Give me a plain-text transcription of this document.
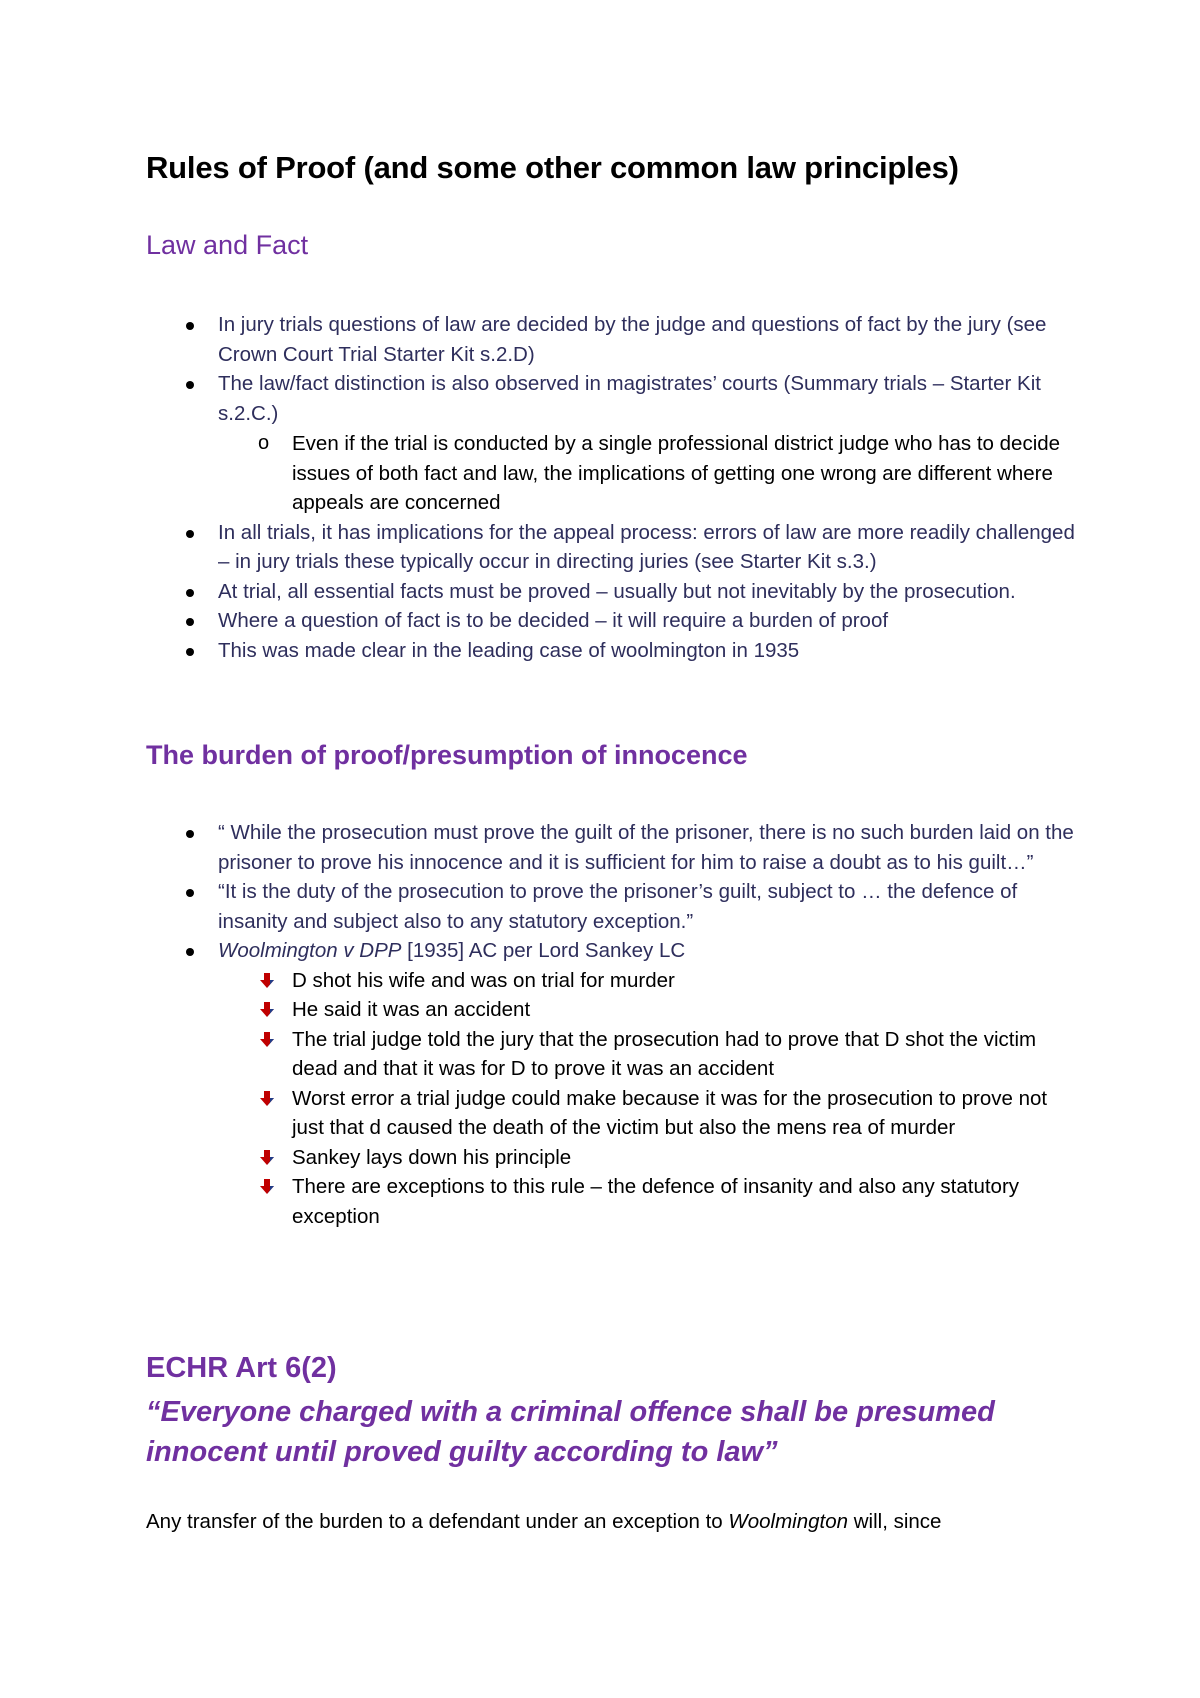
Rules of Proof (and some other common law principles)
Law and Fact
In jury trials questions of law are decided by the judge and questions of fact by the jury (see Crown Court Trial Starter Kit s.2.D)
The law/fact distinction is also observed in magistrates’ courts (Summary trials – Starter Kit s.2.C.)
o Even if the trial is conducted by a single professional district judge who has to decide issues of both fact and law, the implications of getting one wrong are different where appeals are concerned
In all trials, it has implications for the appeal process: errors of law are more readily challenged – in jury trials these typically occur in directing juries (see Starter Kit s.3.)
At trial, all essential facts must be proved – usually but not inevitably by the prosecution.
Where a question of fact is to be decided – it will require a burden of proof
This was made clear in the leading case of woolmington in 1935
The burden of proof/presumption of innocence
“ While the prosecution must prove the guilt of the prisoner, there is no such burden laid on the prisoner to prove his innocence and it is sufficient for him to raise a doubt as to his guilt…”
“It is the duty of the prosecution to prove the prisoner’s guilt, subject to … the defence of insanity and subject also to any statutory exception.”
Woolmington v DPP [1935] AC per Lord Sankey LC
D shot his wife and was on trial for murder
He said it was an accident
The trial judge told the jury that the prosecution had to prove that D shot the victim dead and that it was for D to prove it was an accident
Worst error a trial judge could make because it was for the prosecution to prove not just that d caused the death of the victim but also the mens rea of murder
Sankey lays down his principle
There are exceptions to this rule – the defence of insanity and also any statutory exception
ECHR Art 6(2)
“Everyone charged with a criminal offence shall be presumed innocent until proved guilty according to law”
Any transfer of the burden to a defendant under an exception to Woolmington will, since
